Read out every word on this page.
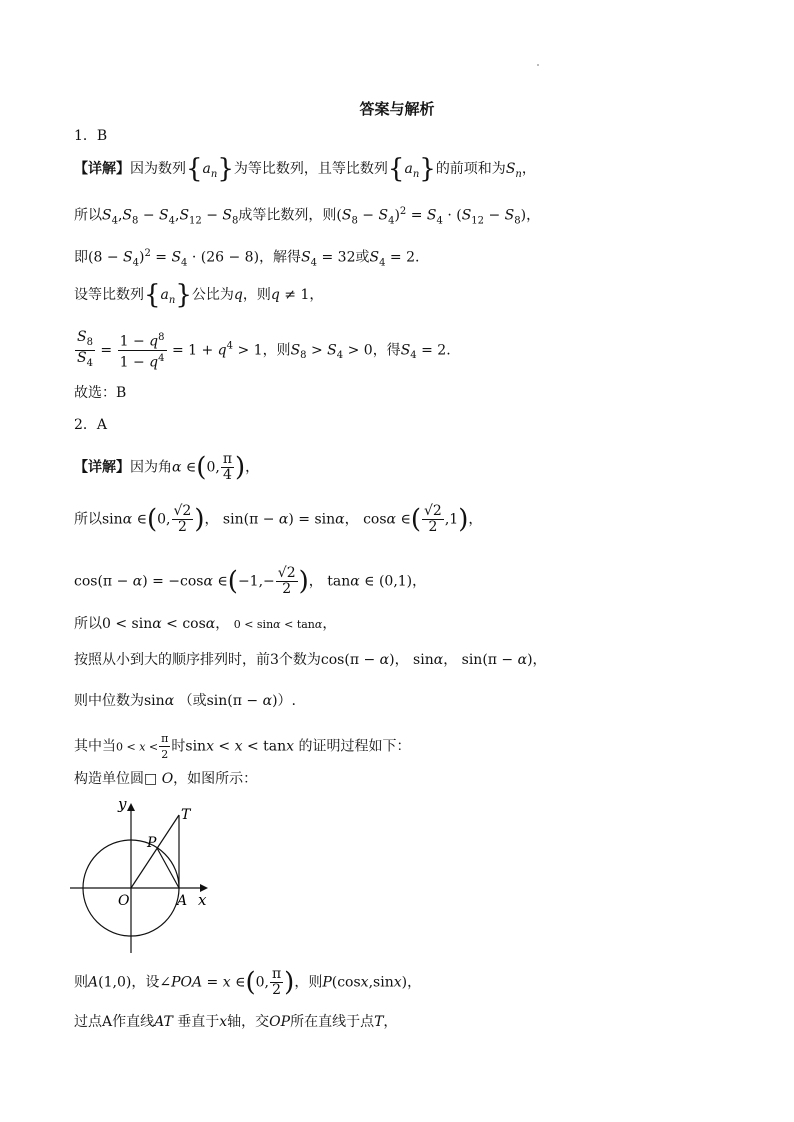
答案与解析
1．B
【详解】因为数列$\{a_n\}$为等比数列，且等比数列$\{a_n\}$的前项和为$S_n$，
所以$S_4,S_8 - S_4,S_{12} - S_8$成等比数列，则$(S_8 - S_4)^2 = S_4 \cdot (S_{12} - S_8)$，
即$(8 - S_4)^2 = S_4 \cdot (26 - 8)$，解得$S_4 = 32$或$S_4 = 2$.
设等比数列$\{a_n\}$公比为q，则q ≠ 1，
$\frac{S_8}{S_4} = \frac{1 - q^8}{1 - q^4} = 1 + q^4 > 1$，则$S_8 > S_4 > 0$，得$S_4 = 2$.
故选：B
2．A
【详解】因为角α ∈(0, $\frac{\pi}{4}$ )，
所以sinα ∈(0, $\frac{√2}{2}$ )， sin(π − α) = sinα， cosα ∈( $\frac{√2}{2} ,1$)，
cos(π − α) = −cosα ∈(−1,− $\frac{√2}{2}$ )， tanα ∈ (0,1)，
所以0 < sinα < cosα， 0 < sinα < tanα，
按照从小到大的顺序排列时，前3个数为cos(π − α)， sinα， sin(π − α)，
则中位数为sinα （或sin(π − α)）.
其中当$0 < x < \frac{\pi}{2}$ 时sinx < x < tanx 的证明过程如下：
构造单位圆□ O，如图所示：
y
x
T
P
O	A
则A(1,0)，设∠POA = x ∈(0, $\frac{\pi}{2}$ )，则P(cosx,sinx)，
过点A作直线AT 垂直于x轴，交OP所在直线于点T，
